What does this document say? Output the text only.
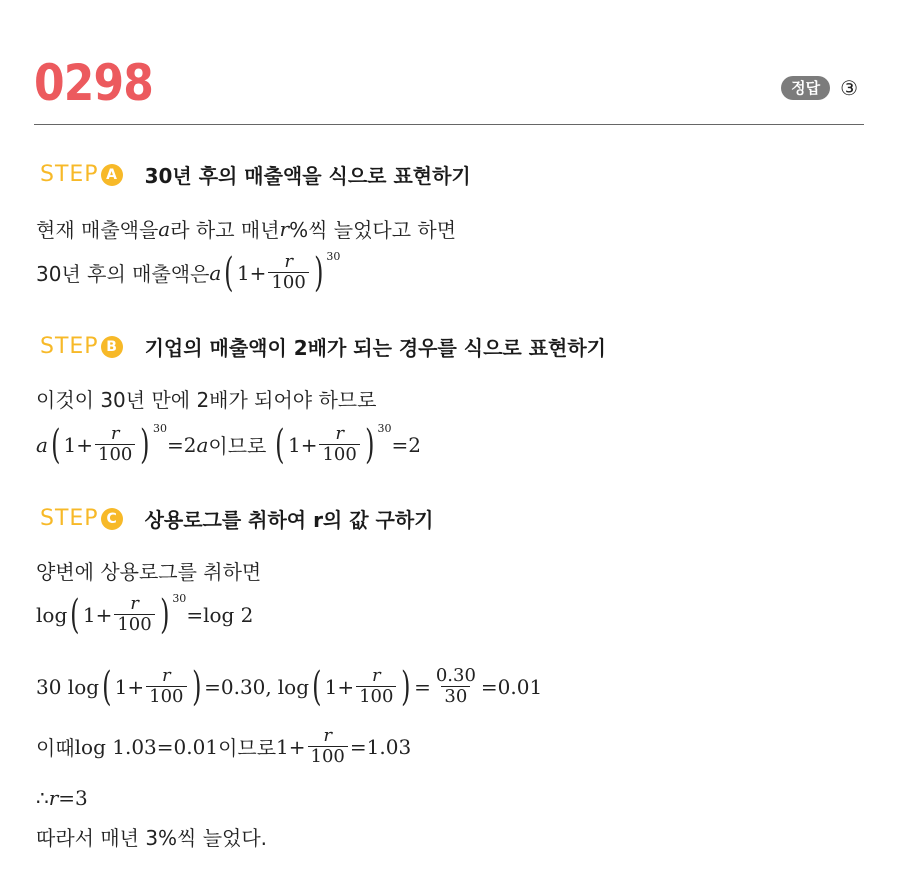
0298	정답	③
STEP A 30년 후의 매출액을 식으로 표현하기
현재 매출액을 a 라 하고 매년 r %씩 늘었다고 하면
30년 후의 매출액은 a ( $1+ \frac{r}{100}$ ) 30
STEP B 기업의 매출액이 2배가 되는 경우를 식으로 표현하기
이것이 30년 만에 2배가 되어야 하므로
a ( $1+ \frac{r}{100}$ ) 30
=2 a 이므로 ( $1+ \frac{r}{100}$ ) 30
=2
STEP C 상용로그를 취하여 r의 값 구하기
양변에 상용로그를 취하면
log ( $1+ \frac{r}{100}$ ) 30
=log 2
30 log ( $1+ \frac{r}{100}$ ) =0.30, log ( $1+ \frac{r}{100}$ ) = $\frac{0.30}{30} =0.01$
이때 log 1.03=0.01 이므로 $1+ \frac{r}{100} =1.03$
∴ r =3
따라서 매년 3%씩 늘었다.
